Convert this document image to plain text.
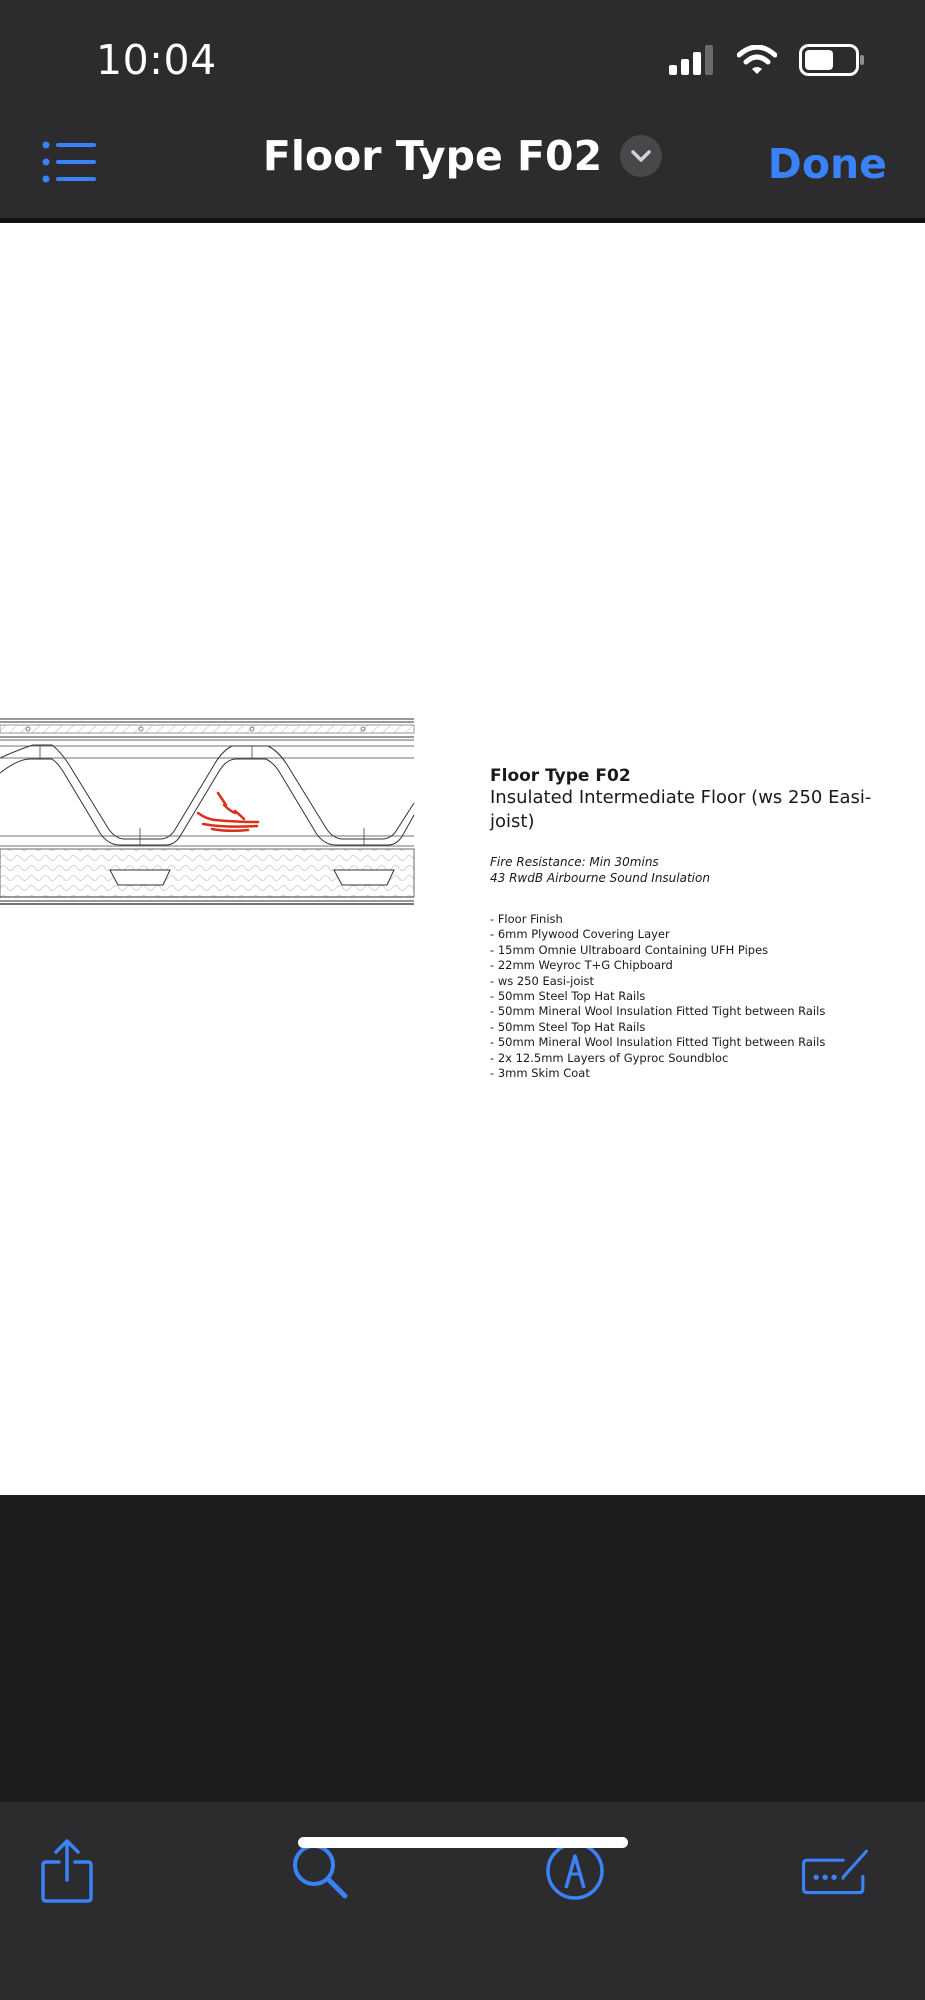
10:04
Floor Type F02	Done

Floor Type F02

Insulated Intermediate Floor (ws 250 Easi-joist)

Fire Resistance: Min 30mins

43 RwdB Airbourne Sound Insulation

- Floor Finish
- 6mm Plywood Covering Layer
- 15mm Omnie Ultraboard Containing UFH Pipes
- 22mm Weyroc T+G Chipboard
- ws 250 Easi-joist
- 50mm Steel Top Hat Rails
- 50mm Mineral Wool Insulation Fitted Tight between Rails
- 50mm Steel Top Hat Rails
- 50mm Mineral Wool Insulation Fitted Tight between Rails
- 2x 12.5mm Layers of Gyproc Soundbloc
- 3mm Skim Coat
